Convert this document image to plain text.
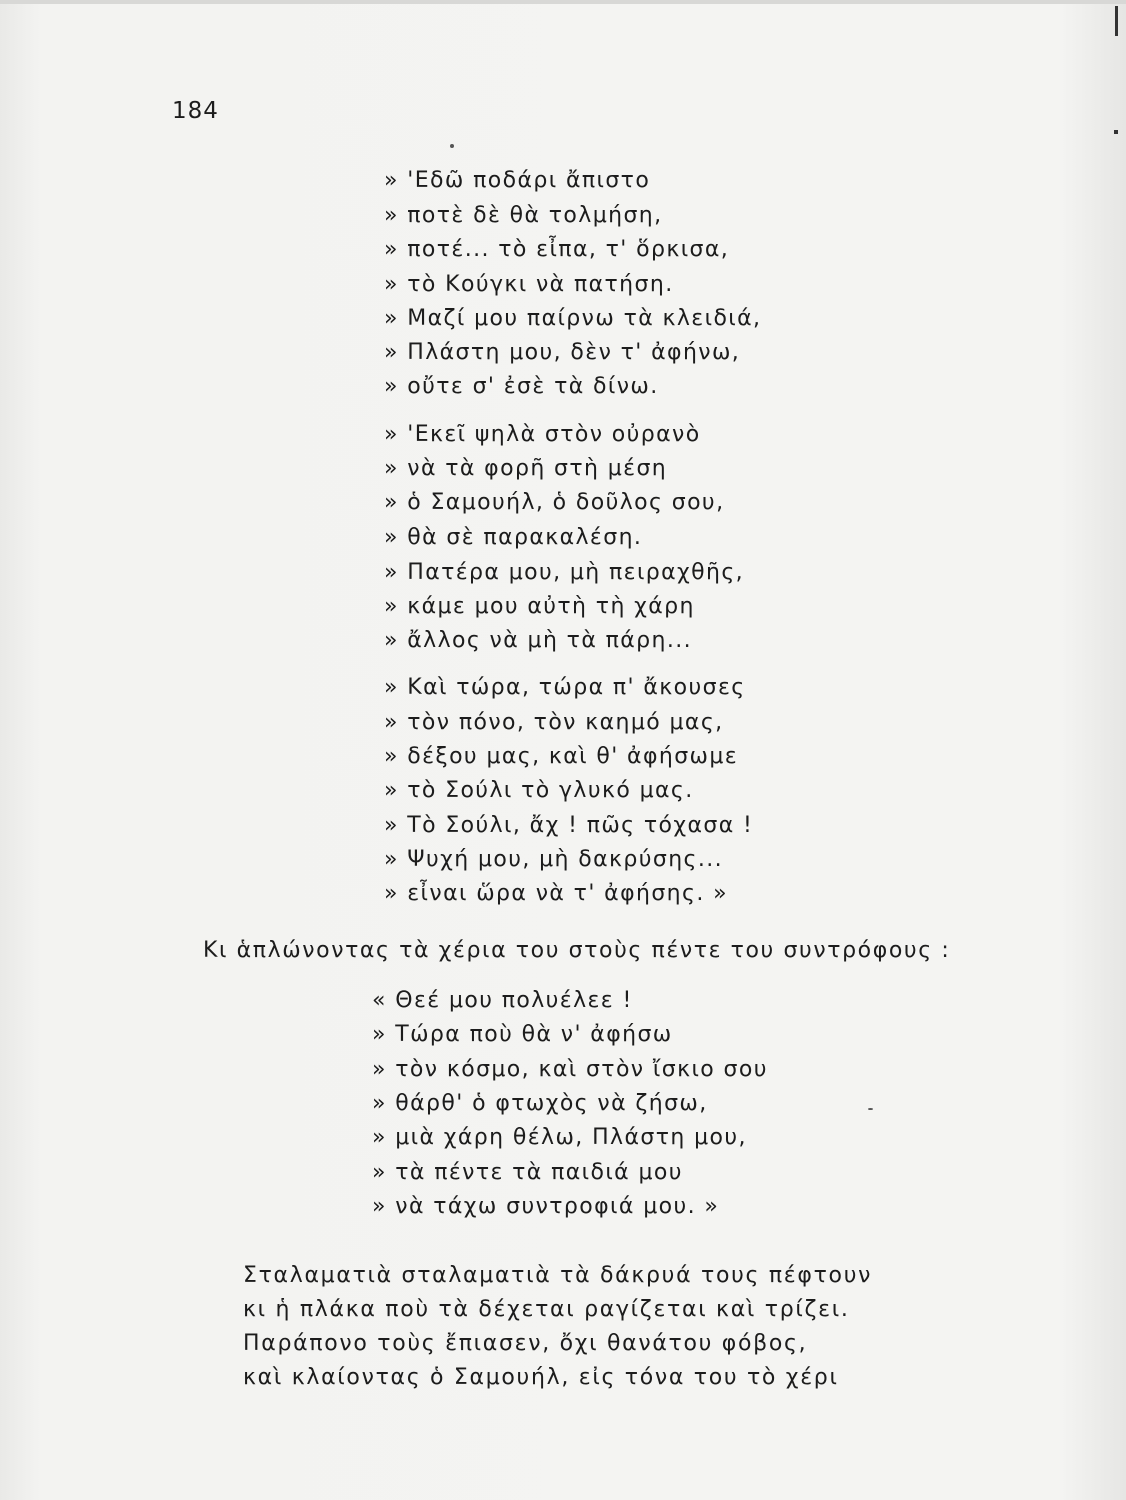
184
» 'Εδῶ ποδάρι ἄπιστο
» ποτὲ δὲ θὰ τολμήση,
» ποτέ... τὸ εἶπα, τ' ὅρκισα,
» τὸ Κούγκι νὰ πατήση.
» Μαζί μου παίρνω τὰ κλειδιά,
» Πλάστη μου, δὲν τ' ἀφήνω,
» οὔτε σ' ἐσὲ τὰ δίνω.
» 'Εκεῖ ψηλὰ στὸν οὐρανὸ
» νὰ τὰ φορῆ στὴ μέση
» ὁ Σαμουήλ, ὁ δοῦλος σου,
» θὰ σὲ παρακαλέση.
» Πατέρα μου, μὴ πειραχθῆς,
» κάμε μου αὐτὴ τὴ χάρη
» ἄλλος νὰ μὴ τὰ πάρη...
» Καὶ τώρα, τώρα π' ἄκουσες
» τὸν πόνο, τὸν καημό μας,
» δέξου μας, καὶ θ' ἀφήσωμε
» τὸ Σούλι τὸ γλυκό μας.
» Τὸ Σούλι, ἄχ ! πῶς τόχασα !
» Ψυχή μου, μὴ δακρύσης...
» εἶναι ὥρα νὰ τ' ἀφήσης. »
Κι ἁπλώνοντας τὰ χέρια του στοὺς πέντε του συντρόφους :
« Θεέ μου πολυέλεε !
» Τώρα ποὺ θὰ ν' ἀφήσω
» τὸν κόσμο, καὶ στὸν ἴσκιο σου
» θάρθ' ὁ φτωχὸς νὰ ζήσω,
» μιὰ χάρη θέλω, Πλάστη μου,
» τὰ πέντε τὰ παιδιά μου
» νὰ τάχω συντροφιά μου. »
Σταλαματιὰ σταλαματιὰ τὰ δάκρυά τους πέφτουν
κι ἡ πλάκα ποὺ τὰ δέχεται ραγίζεται καὶ τρίζει.
Παράπονο τοὺς ἔπιασεν, ὄχι θανάτου φόβος,
καὶ κλαίοντας ὁ Σαμουήλ, εἰς τόνα του τὸ χέρι
